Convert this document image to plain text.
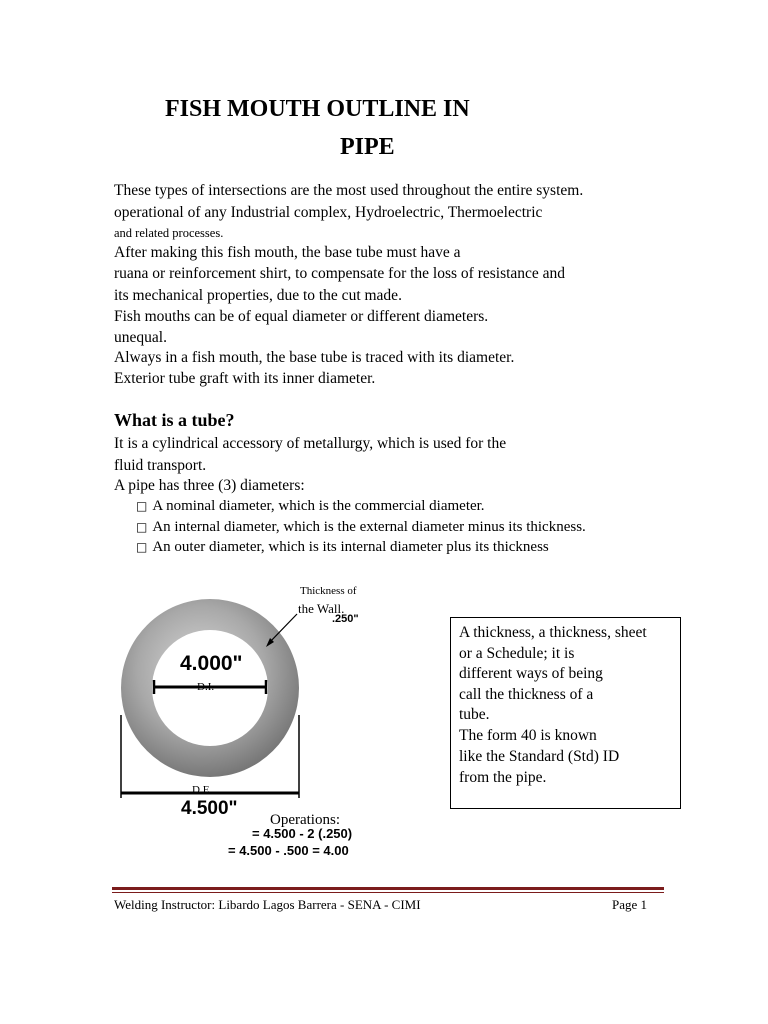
FISH MOUTH OUTLINE IN
PIPE
These types of intersections are the most used throughout the entire system.
operational of any Industrial complex, Hydroelectric, Thermoelectric
and related processes.
After making this fish mouth, the base tube must have a
ruana or reinforcement shirt, to compensate for the loss of resistance and
its mechanical properties, due to the cut made.
Fish mouths can be of equal diameter or different diameters.
unequal.
Always in a fish mouth, the base tube is traced with its diameter.
Exterior tube graft with its inner diameter.
What is a tube?
It is a cylindrical accessory of metallurgy, which is used for the
fluid transport.
A pipe has three (3) diameters:
□ A nominal diameter, which is the commercial diameter.
□ An internal diameter, which is the external diameter minus its thickness.
□ An outer diameter, which is its internal diameter plus its thickness
Thickness of
the Wall.
.250"
4.000"
D.I.
D.E.
4.500"
Operations:
= 4.500 - 2 (.250)
= 4.500 - .500 = 4.00
A thickness, a thickness, sheet
or a Schedule; it is
different ways of being
call the thickness of a
tube.
The form 40 is known
like the Standard (Std) ID
from the pipe.
Welding Instructor: Libardo Lagos Barrera - SENA - CIMI	Page 1
